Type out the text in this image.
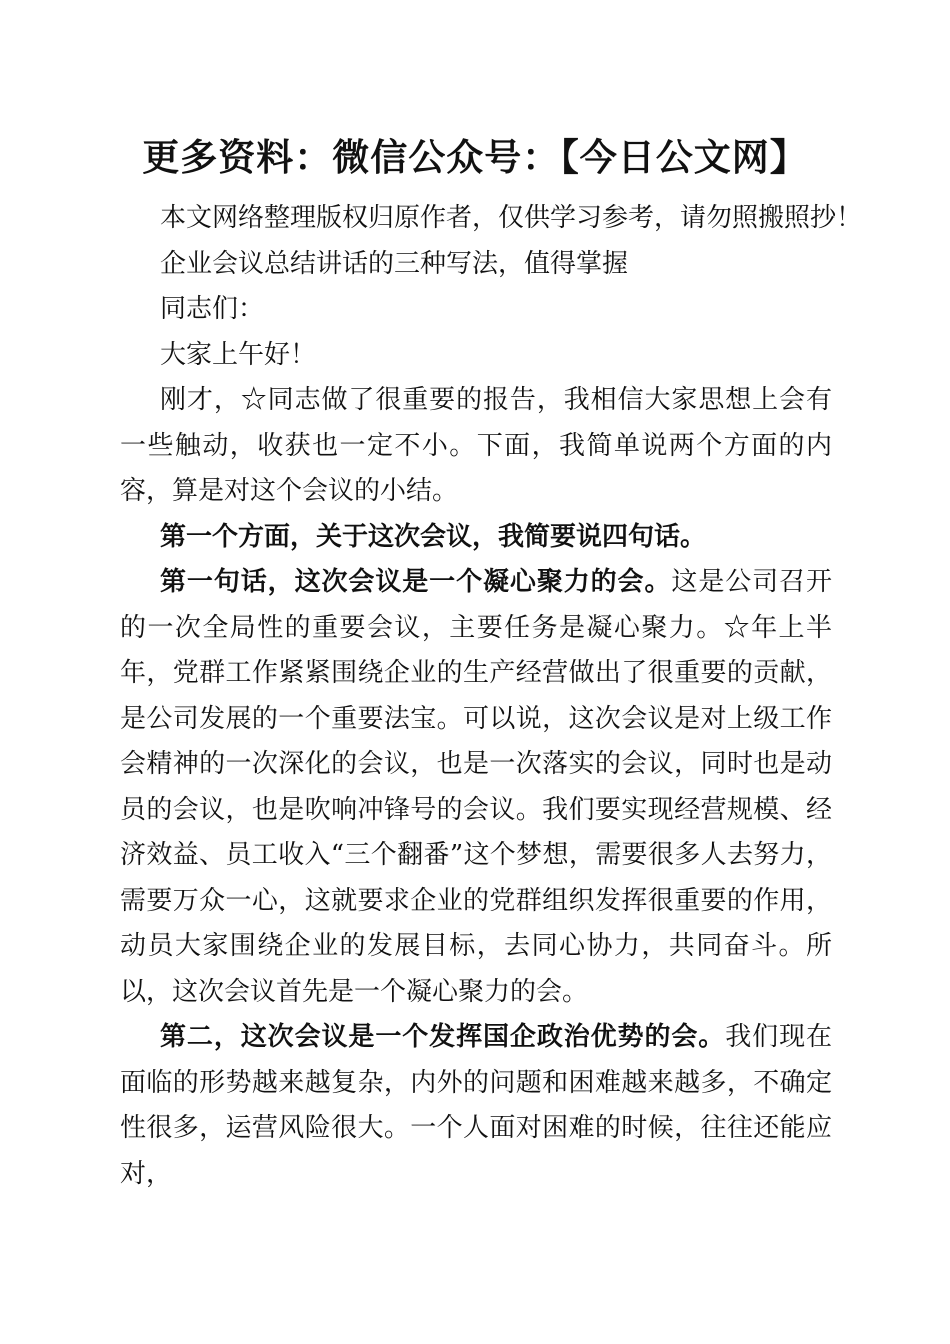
更多资料：微信公众号：【今日公文网】

本文网络整理版权归原作者，仅供学习参考，请勿照搬照抄！

企业会议总结讲话的三种写法，值得掌握

同志们：

大家上午好！

刚才，☆同志做了很重要的报告，我相信大家思想上会有一些触动，收获也一定不小。下面，我简单说两个方面的内容，算是对这个会议的小结。

第一个方面，关于这次会议，我简要说四句话。

第一句话，这次会议是一个凝心聚力的会。这是公司召开的一次全局性的重要会议，主要任务是凝心聚力。☆年上半年，党群工作紧紧围绕企业的生产经营做出了很重要的贡献，是公司发展的一个重要法宝。可以说，这次会议是对上级工作会精神的一次深化的会议，也是一次落实的会议，同时也是动员的会议，也是吹响冲锋号的会议。我们要实现经营规模、经济效益、员工收入“三个翻番”这个梦想，需要很多人去努力，需要万众一心，这就要求企业的党群组织发挥很重要的作用，动员大家围绕企业的发展目标，去同心协力，共同奋斗。所以，这次会议首先是一个凝心聚力的会。

第二，这次会议是一个发挥国企政治优势的会。我们现在面临的形势越来越复杂，内外的问题和困难越来越多，不确定性很多，运营风险很大。一个人面对困难的时候，往往还能应对，
